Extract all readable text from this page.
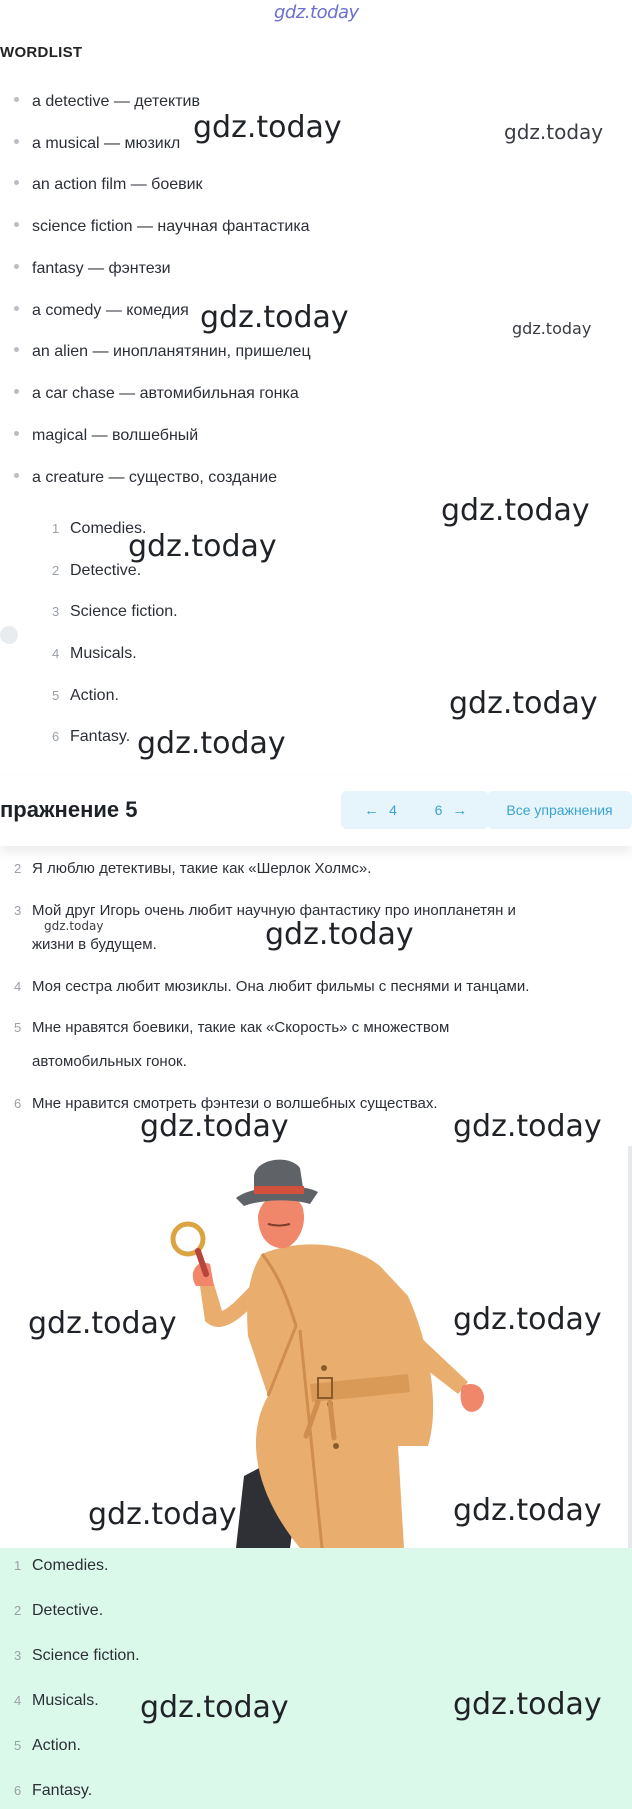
gdz.today
WORDLIST
a detective — детектив
a musical — мюзикл
an action film — боевик
science fiction — научная фантастика
fantasy — фэнтези
a comedy — комедия
an alien — инопланятянин, пришелец
a car chase — автомибильная гонка
magical — волшебный
a creature — существо, создание
1 Comedies.
2 Detective.
3 Science fiction.
4 Musicals.
5 Action.
6 Fantasy.
пражнение 5	← 4	6 →	Все упражнения
2 Я люблю детективы, такие как «Шерлок Холмс».
3 Мой друг Игорь очень любит научную фантастику про инопланетян и
жизни в будущем.
4 Моя сестра любит мюзиклы. Она любит фильмы с песнями и танцами.
5 Мне нравятся боевики, такие как «Скорость» с множеством
автомобильных гонок.
6 Мне нравится смотреть фэнтези о волшебных существах.
1 Comedies.
2 Detective.
3 Science fiction.
4 Musicals.
5 Action.
6 Fantasy.
gdz.today	gdz.today
gdz.today	gdz.today
gdz.today
gdz.today
gdz.today
gdz.today
gdz.today	gdz.today
gdz.today	gdz.today
gdz.today	gdz.today
gdz.today	gdz.today
gdz.today	gdz.today
